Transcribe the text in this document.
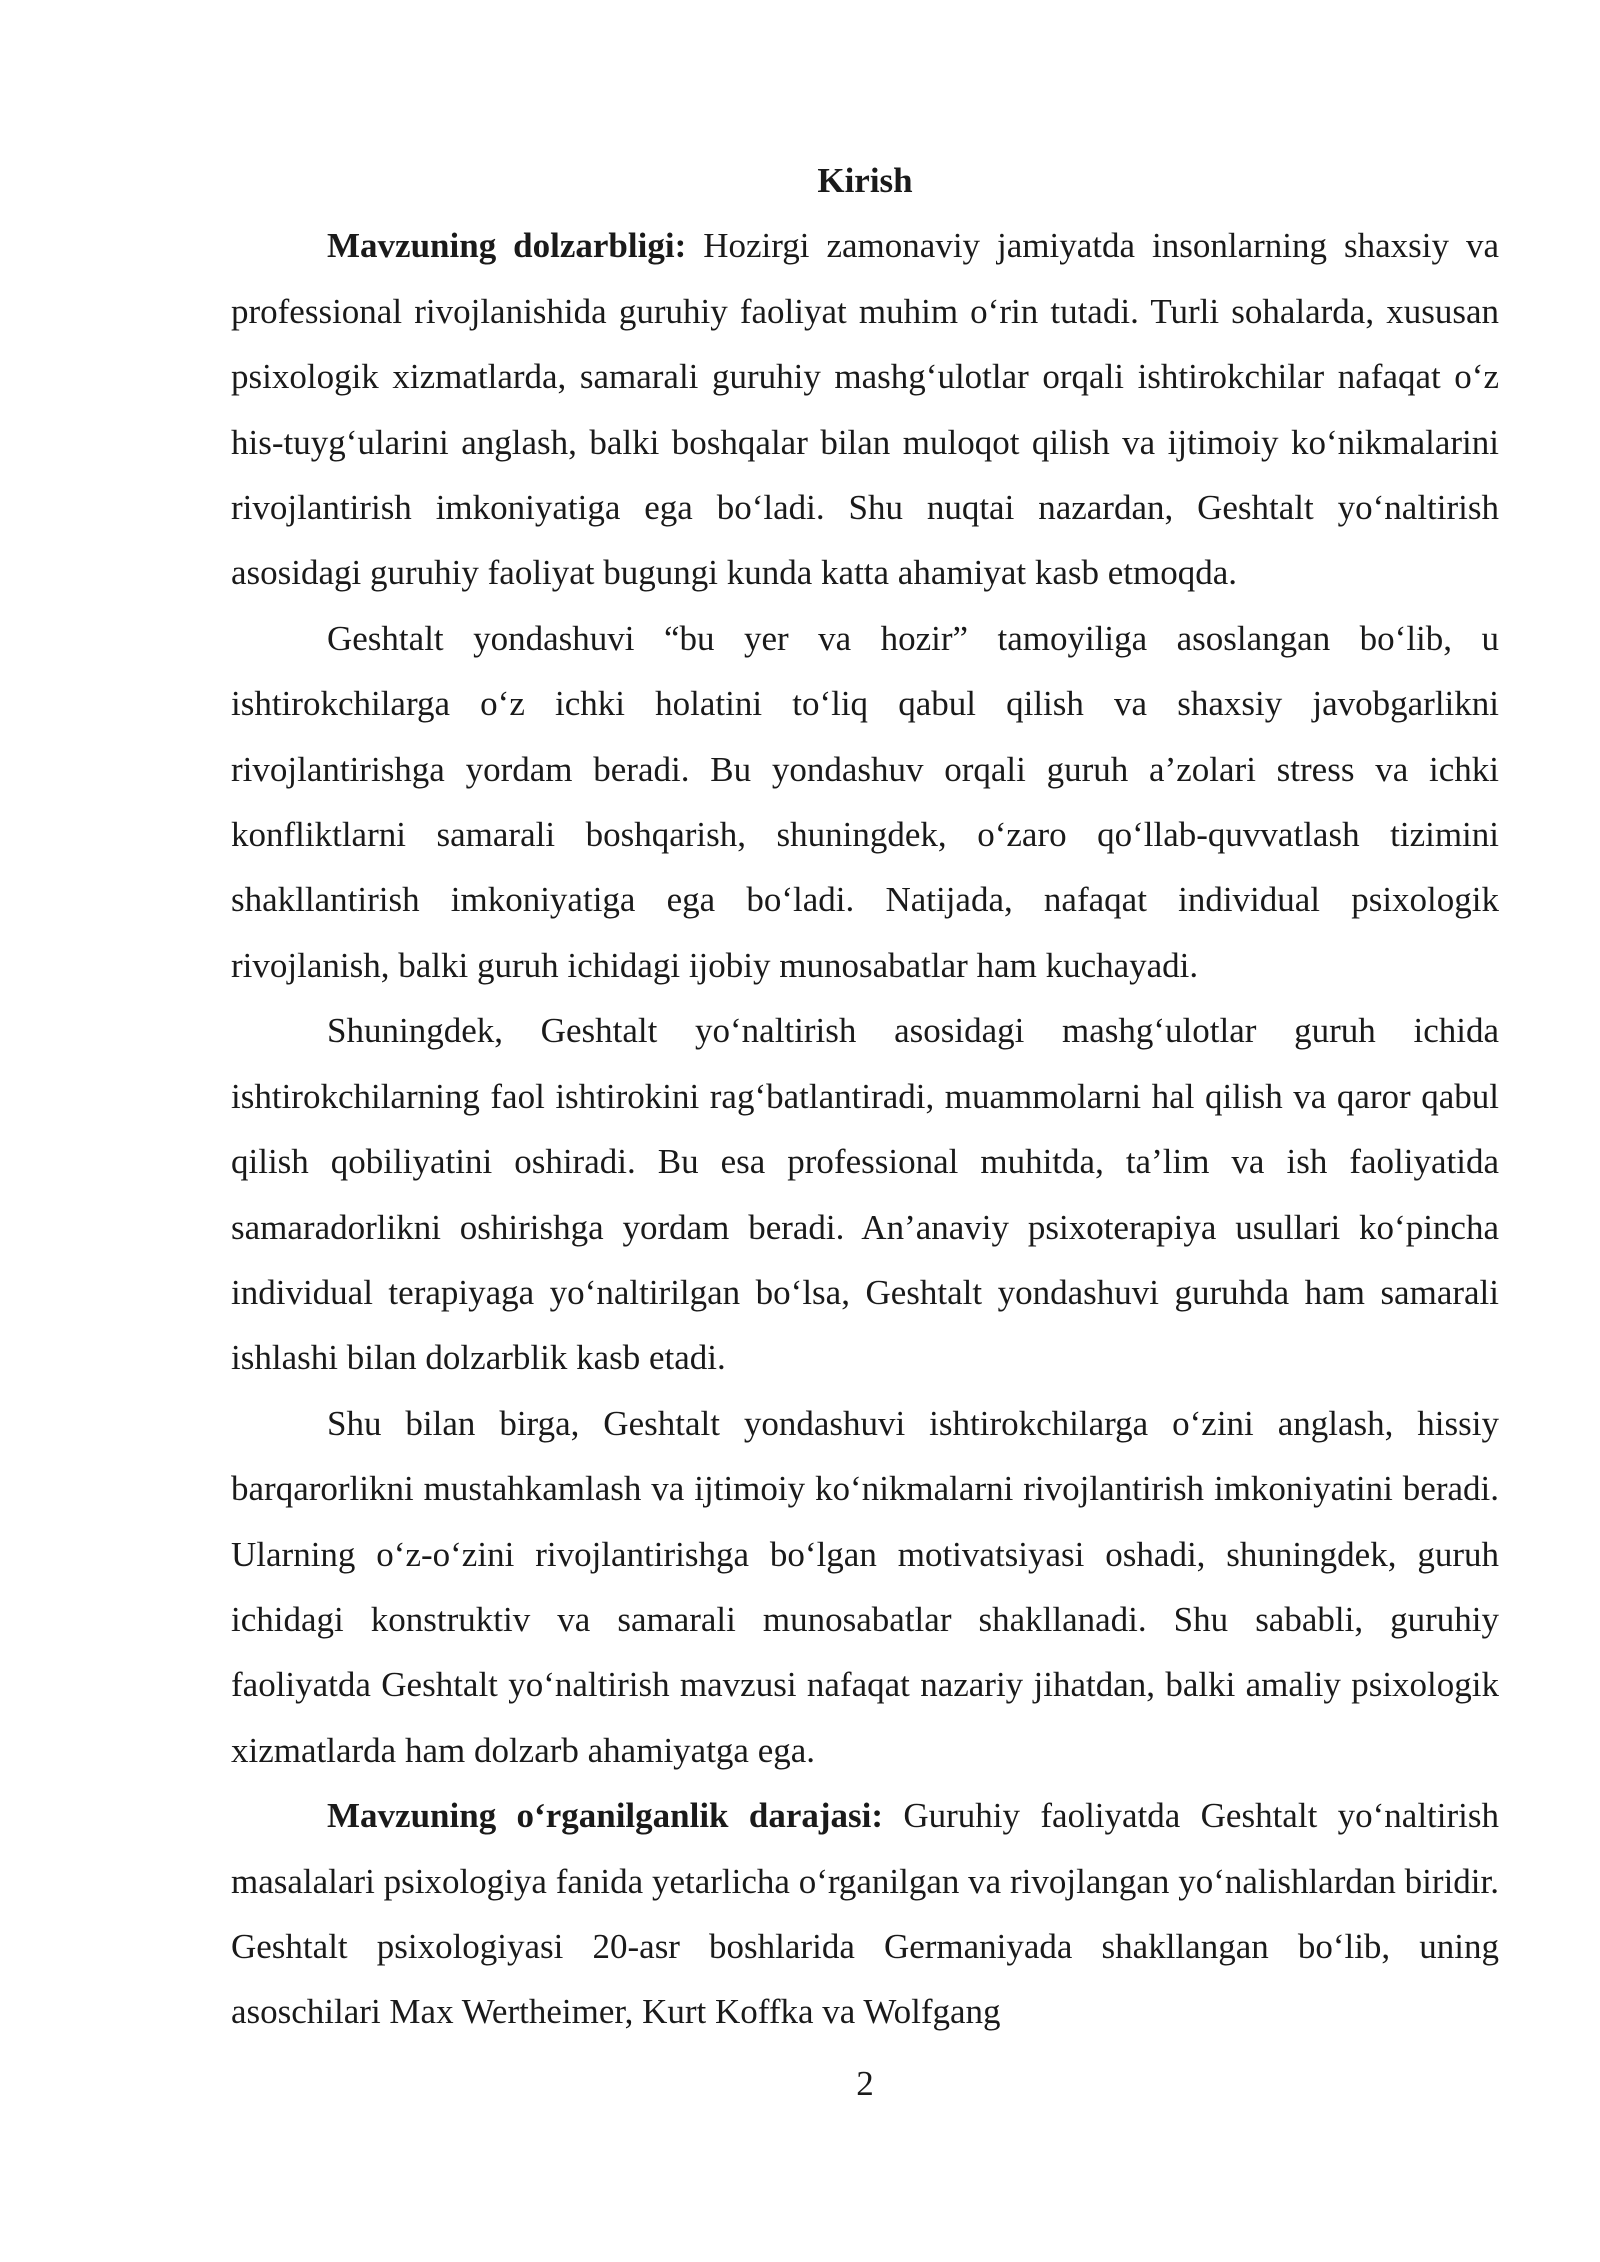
Kirish

Mavzuning dolzarbligi: Hozirgi zamonaviy jamiyatda insonlarning shaxsiy va professional rivojlanishida guruhiy faoliyat muhim o‘rin tutadi. Turli sohalarda, xususan psixologik xizmatlarda, samarali guruhiy mashg‘ulotlar orqali ishtirokchilar nafaqat o‘z his-tuyg‘ularini anglash, balki boshqalar bilan muloqot qilish va ijtimoiy ko‘nikmalarini rivojlantirish imkoniyatiga ega bo‘ladi. Shu nuqtai nazardan, Geshtalt yo‘naltirish asosidagi guruhiy faoliyat bugungi kunda katta ahamiyat kasb etmoqda.

Geshtalt yondashuvi “bu yer va hozir” tamoyiliga asoslangan bo‘lib, u ishtirokchilarga o‘z ichki holatini to‘liq qabul qilish va shaxsiy javobgarlikni rivojlantirishga yordam beradi. Bu yondashuv orqali guruh a’zolari stress va ichki konfliktlarni samarali boshqarish, shuningdek, o‘zaro qo‘llab-quvvatlash tizimini shakllantirish imkoniyatiga ega bo‘ladi. Natijada, nafaqat individual psixologik rivojlanish, balki guruh ichidagi ijobiy munosabatlar ham kuchayadi.

Shuningdek, Geshtalt yo‘naltirish asosidagi mashg‘ulotlar guruh ichida ishtirokchilarning faol ishtirokini rag‘batlantiradi, muammolarni hal qilish va qaror qabul qilish qobiliyatini oshiradi. Bu esa professional muhitda, ta’lim va ish faoliyatida samaradorlikni oshirishga yordam beradi. An’anaviy psixoterapiya usullari ko‘pincha individual terapiyaga yo‘naltirilgan bo‘lsa, Geshtalt yondashuvi guruhda ham samarali ishlashi bilan dolzarblik kasb etadi.

Shu bilan birga, Geshtalt yondashuvi ishtirokchilarga o‘zini anglash, hissiy barqarorlikni mustahkamlash va ijtimoiy ko‘nikmalarni rivojlantirish imkoniyatini beradi. Ularning o‘z-o‘zini rivojlantirishga bo‘lgan motivatsiyasi oshadi, shuningdek, guruh ichidagi konstruktiv va samarali munosabatlar shakllanadi. Shu sababli, guruhiy faoliyatda Geshtalt yo‘naltirish mavzusi nafaqat nazariy jihatdan, balki amaliy psixologik xizmatlarda ham dolzarb ahamiyatga ega.

Mavzuning o‘rganilganlik darajasi: Guruhiy faoliyatda Geshtalt yo‘naltirish masalalari psixologiya fanida yetarlicha o‘rganilgan va rivojlangan yo‘nalishlardan biridir. Geshtalt psixologiyasi 20-asr boshlarida Germaniyada shakllangan bo‘lib, uning asoschilari Max Wertheimer, Kurt Koffka va Wolfgang

2
